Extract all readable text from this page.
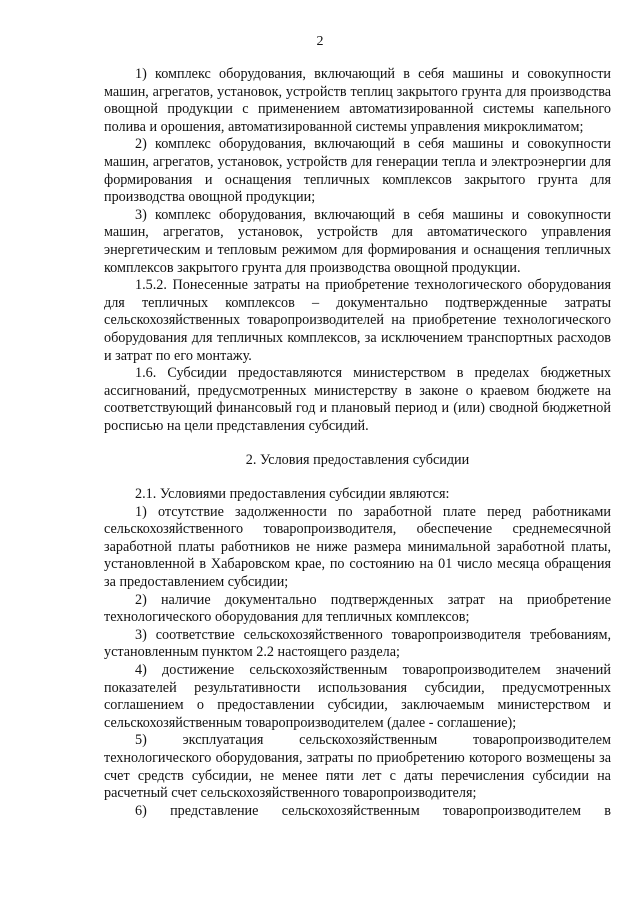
2

1) комплекс оборудования, включающий в себя машины и совокупности машин, агрегатов, установок, устройств теплиц закрытого грунта для производства овощной продукции с применением автоматизированной системы капельного полива и орошения, автоматизированной системы управления микроклиматом;

2) комплекс оборудования, включающий в себя машины и совокупности машин, агрегатов, установок, устройств для генерации тепла и электроэнергии для формирования и оснащения тепличных комплексов закрытого грунта для производства овощной продукции;

3) комплекс оборудования, включающий в себя машины и совокупности машин, агрегатов, установок, устройств для автоматического управления энергетическим и тепловым режимом для формирования и оснащения тепличных комплексов закрытого грунта для производства овощной продукции.

1.5.2. Понесенные затраты на приобретение технологического оборудования для тепличных комплексов – документально подтвержденные затраты сельскохозяйственных товаропроизводителей на приобретение технологического оборудования для тепличных комплексов, за исключением транспортных расходов и затрат по его монтажу.

1.6. Субсидии предоставляются министерством в пределах бюджетных ассигнований, предусмотренных министерству в законе о краевом бюджете на соответствующий финансовый год и плановый период и (или) сводной бюджетной росписью на цели представления субсидий.

2. Условия предоставления субсидии

2.1. Условиями предоставления субсидии являются:

1) отсутствие задолженности по заработной плате перед работниками сельскохозяйственного товаропроизводителя, обеспечение среднемесячной заработной платы работников не ниже размера минимальной заработной платы, установленной в Хабаровском крае, по состоянию на 01 число месяца обращения за предоставлением субсидии;

2) наличие документально подтвержденных затрат на приобретение технологического оборудования для тепличных комплексов;

3) соответствие сельскохозяйственного товаропроизводителя требованиям, установленным пунктом 2.2 настоящего раздела;

4) достижение сельскохозяйственным товаропроизводителем значений показателей результативности использования субсидии, предусмотренных соглашением о предоставлении субсидии, заключаемым министерством и сельскохозяйственным товаропроизводителем (далее - соглашение);

5) эксплуатация сельскохозяйственным товаропроизводителем технологического оборудования, затраты по приобретению которого возмещены за счет средств субсидии, не менее пяти лет с даты перечисления субсидии на расчетный счет сельскохозяйственного товаропроизводителя;

6) представление сельскохозяйственным товаропроизводителем в
